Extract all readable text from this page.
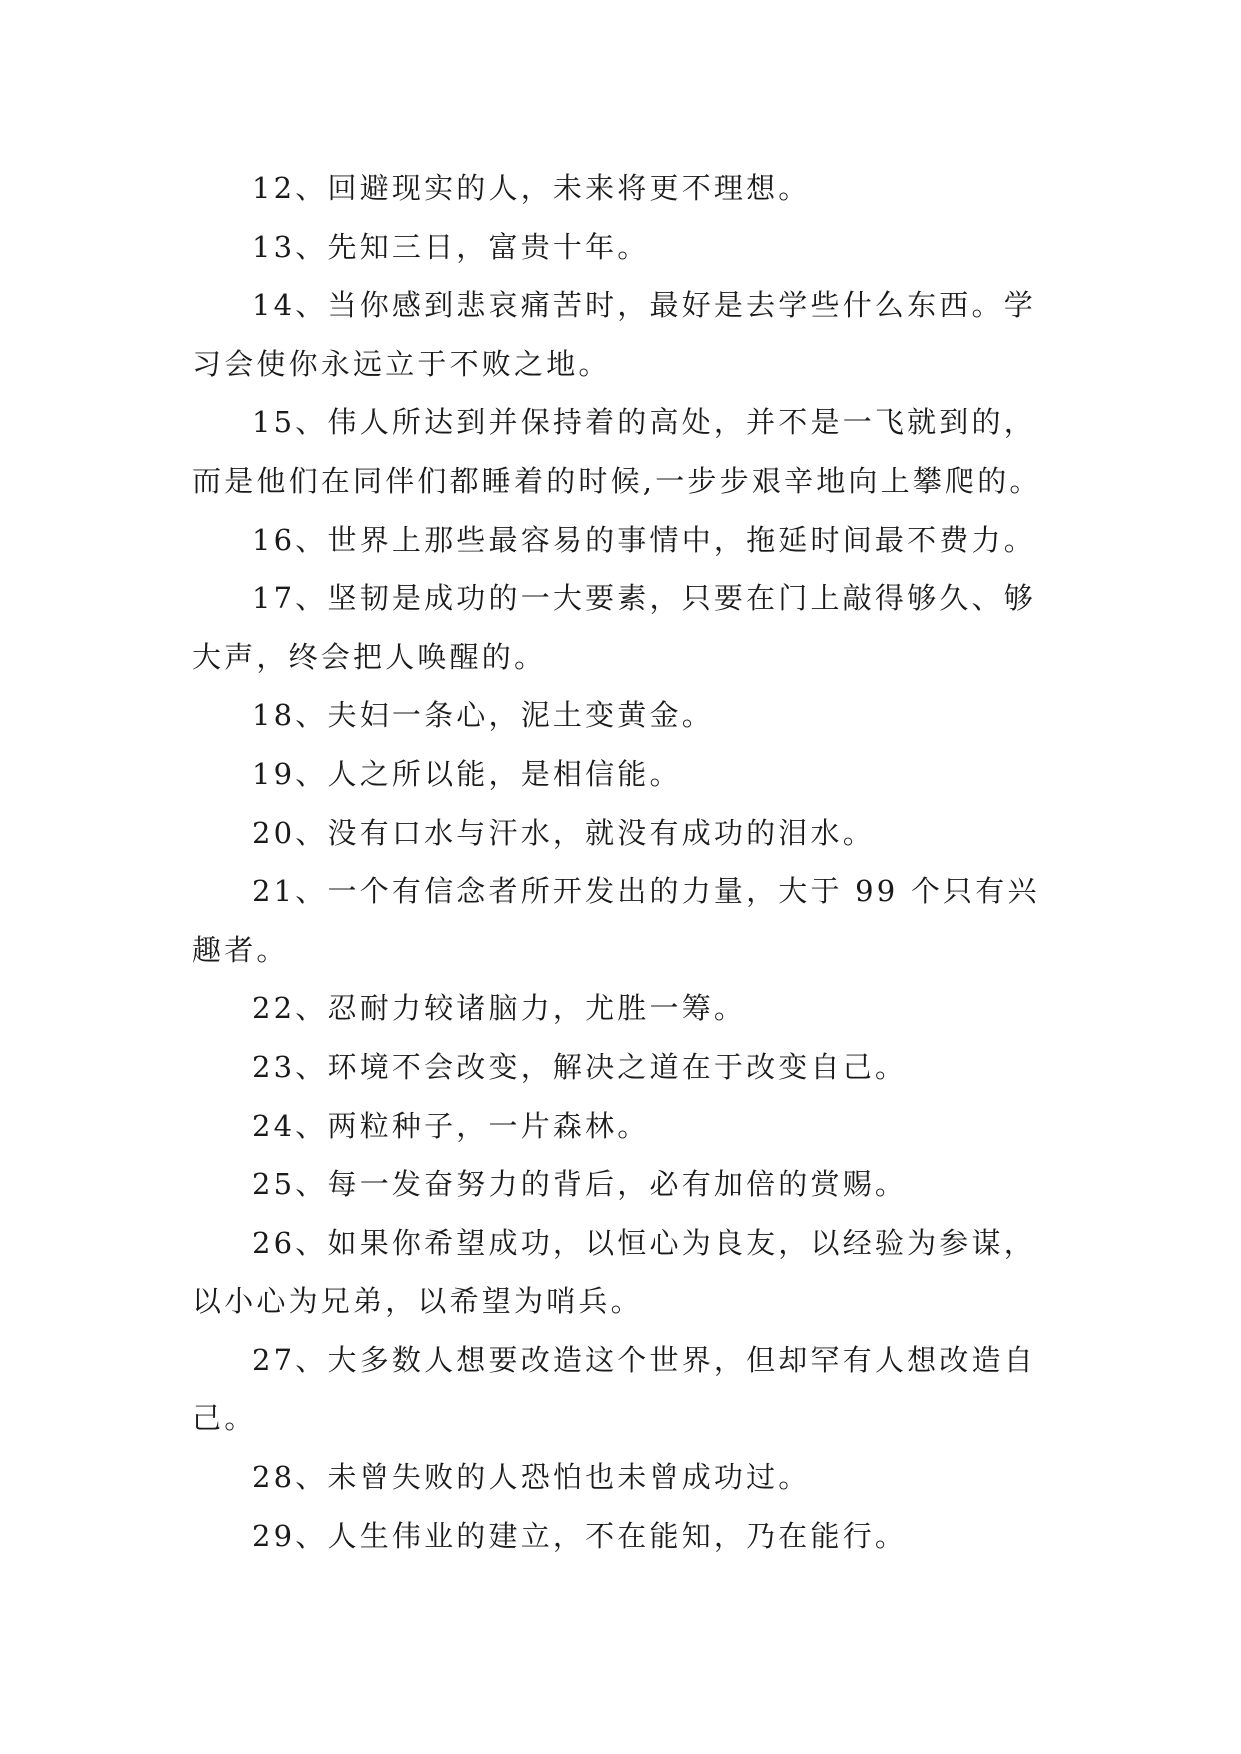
12、回避现实的人，未来将更不理想。

13、先知三日，富贵十年。

14、当你感到悲哀痛苦时，最好是去学些什么东西。学习会使你永远立于不败之地。

15、伟人所达到并保持着的高处，并不是一飞就到的，而是他们在同伴们都睡着的时候,一步步艰辛地向上攀爬的。

16、世界上那些最容易的事情中，拖延时间最不费力。

17、坚韧是成功的一大要素，只要在门上敲得够久、够大声，终会把人唤醒的。

18、夫妇一条心，泥土变黄金。

19、人之所以能，是相信能。

20、没有口水与汗水，就没有成功的泪水。

21、一个有信念者所开发出的力量，大于 99 个只有兴趣者。

22、忍耐力较诸脑力，尤胜一筹。

23、环境不会改变，解决之道在于改变自己。

24、两粒种子，一片森林。

25、每一发奋努力的背后，必有加倍的赏赐。

26、如果你希望成功，以恒心为良友，以经验为参谋，以小心为兄弟，以希望为哨兵。

27、大多数人想要改造这个世界，但却罕有人想改造自己。

28、未曾失败的人恐怕也未曾成功过。

29、人生伟业的建立，不在能知，乃在能行。
